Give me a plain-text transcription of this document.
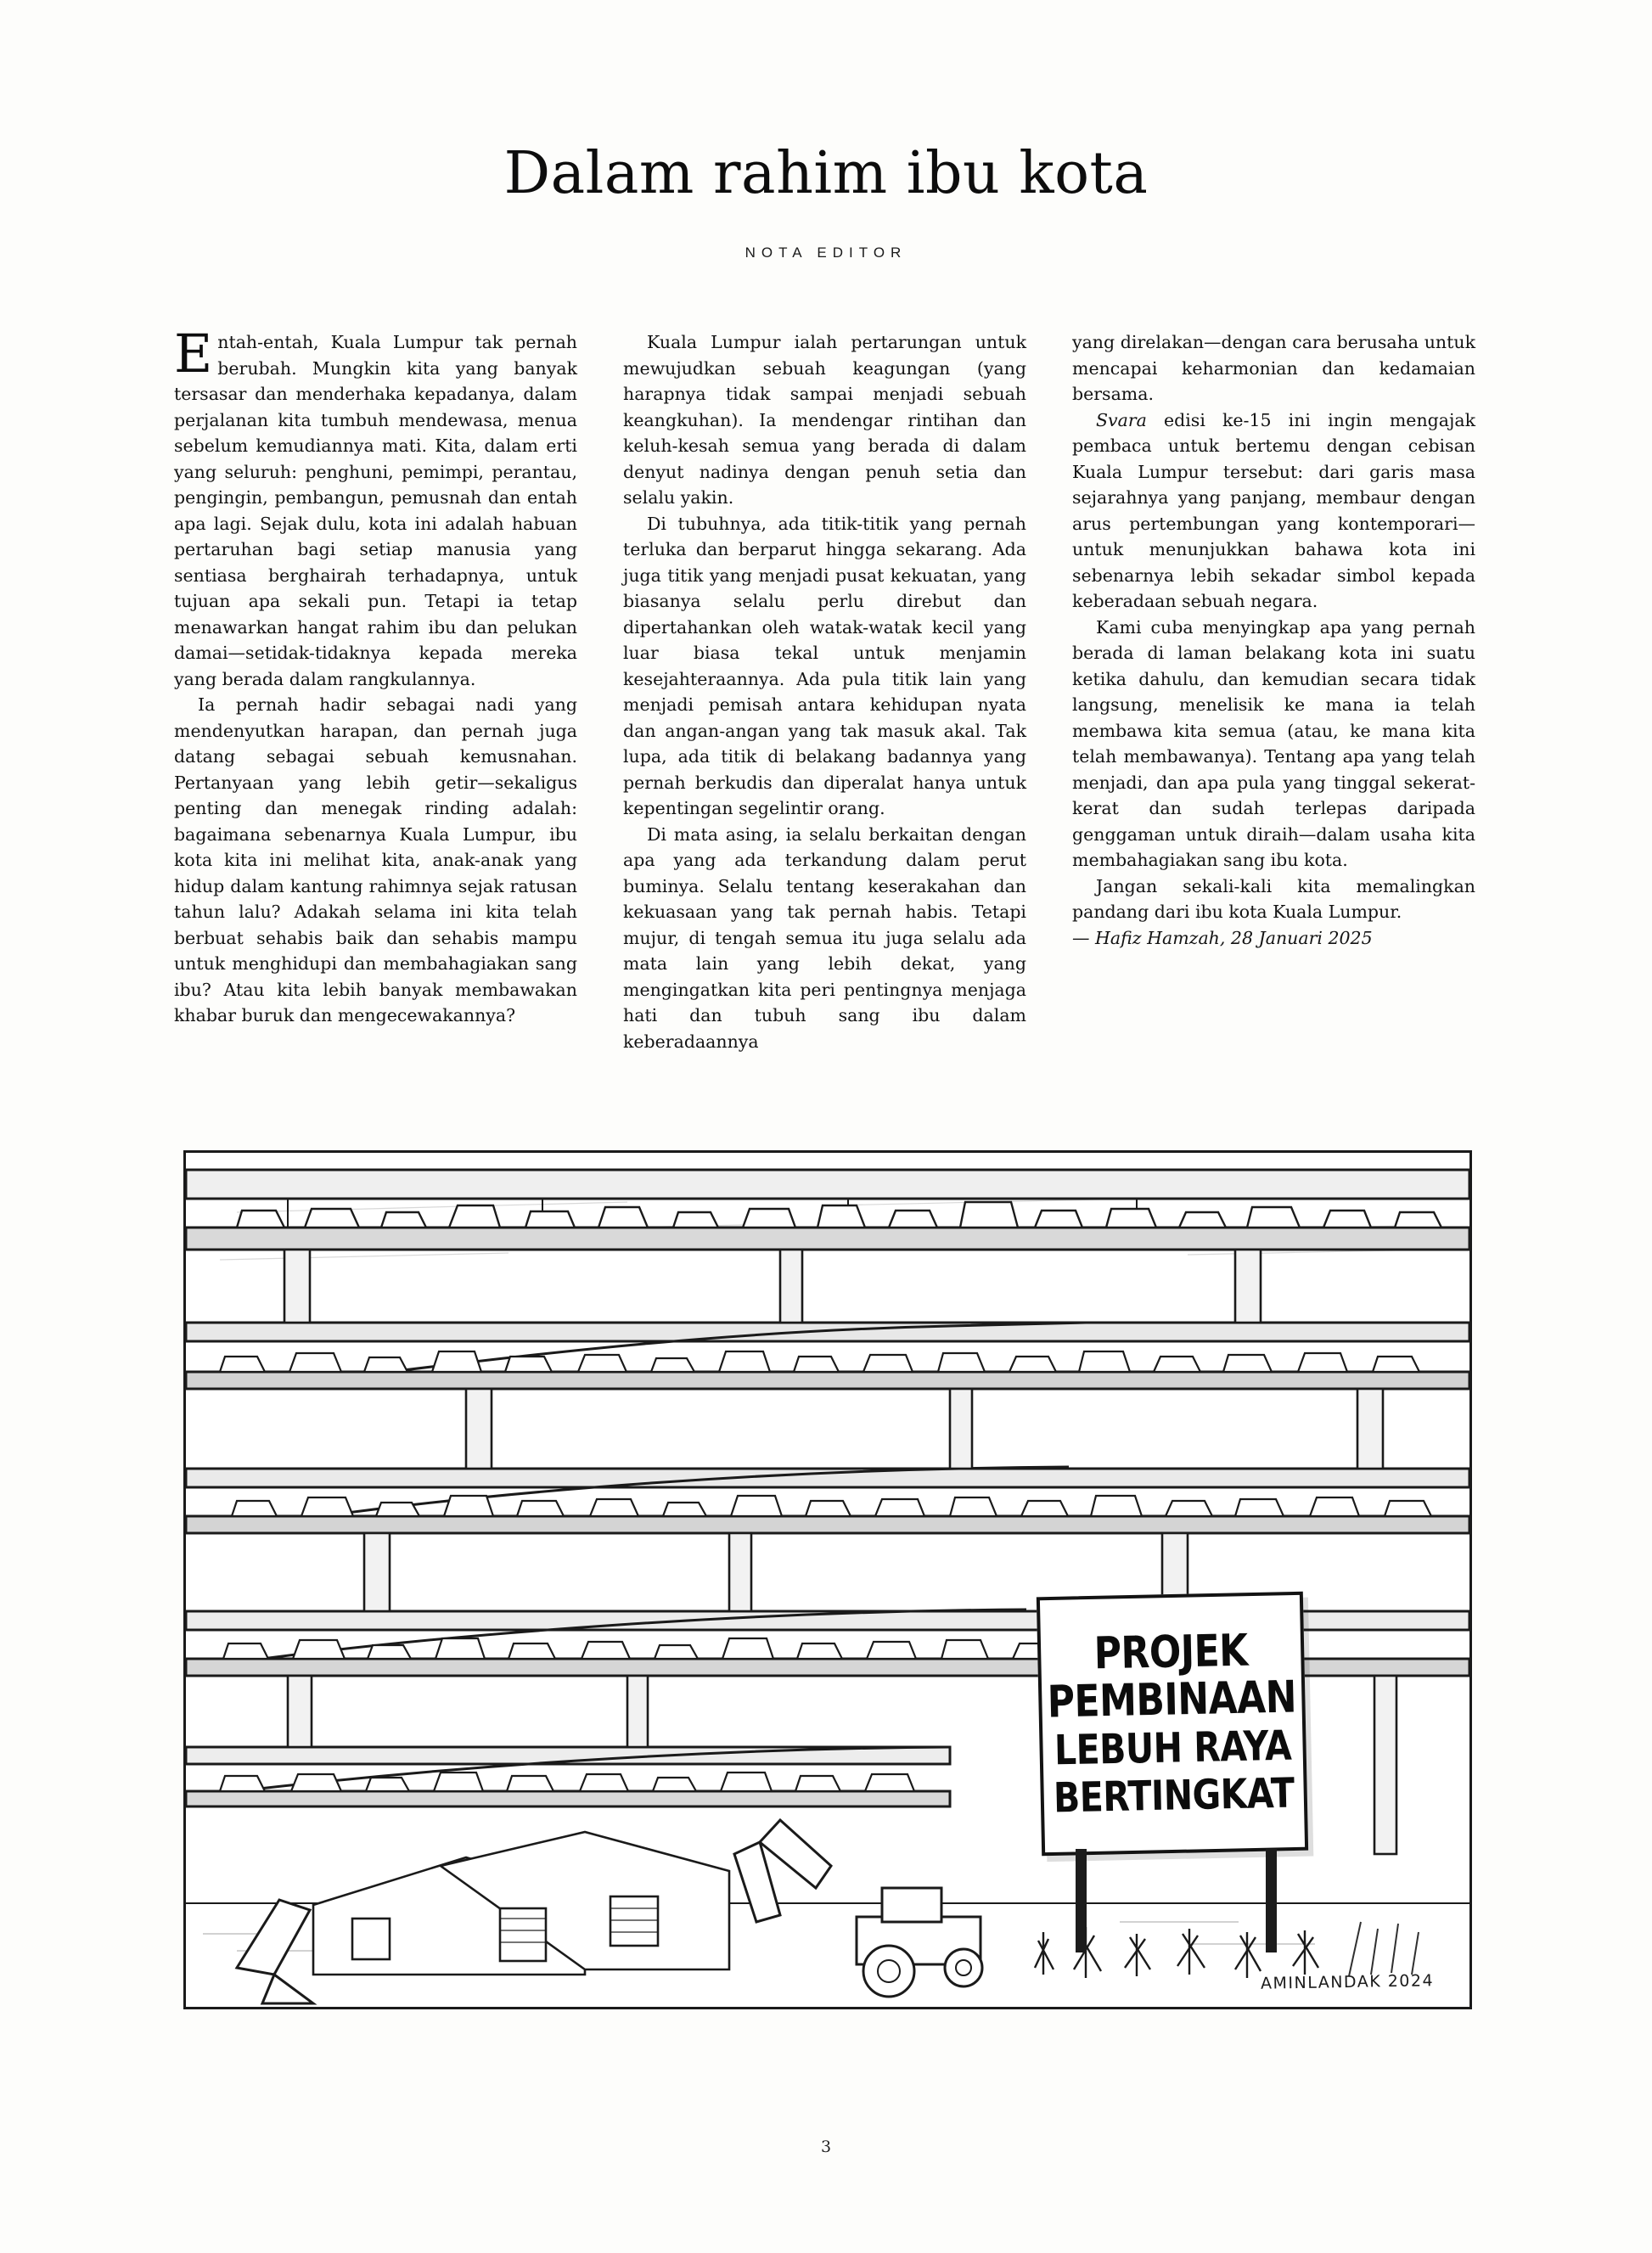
Dalam rahim ibu kota
NOTA EDITOR

Entah-entah, Kuala Lumpur tak pernah berubah. Mungkin kita yang banyak tersasar dan menderhaka kepadanya, dalam perjalanan kita tumbuh mendewasa, menua sebelum kemudiannya mati. Kita, dalam erti yang seluruh: penghuni, pemimpi, perantau, pengingin, pembangun, pemusnah dan entah apa lagi. Sejak dulu, kota ini adalah habuan pertaruhan bagi setiap manusia yang sentiasa berghairah terhadapnya, untuk tujuan apa sekali pun. Tetapi ia tetap menawarkan hangat rahim ibu dan pelukan damai—setidak-tidaknya kepada mereka yang berada dalam rangkulannya.

Ia pernah hadir sebagai nadi yang mendenyutkan harapan, dan pernah juga datang sebagai sebuah kemusnahan. Pertanyaan yang lebih getir—sekaligus penting dan menegak rinding adalah: bagaimana sebenarnya Kuala Lumpur, ibu kota kita ini melihat kita, anak-anak yang hidup dalam kantung rahimnya sejak ratusan tahun lalu? Adakah selama ini kita telah berbuat sehabis baik dan sehabis mampu untuk menghidupi dan membahagiakan sang ibu? Atau kita lebih banyak membawakan khabar buruk dan mengecewakannya?

Kuala Lumpur ialah pertarungan untuk mewujudkan sebuah keagungan (yang harapnya tidak sampai menjadi sebuah keangkuhan). Ia mendengar rintihan dan keluh-kesah semua yang berada di dalam denyut nadinya dengan penuh setia dan selalu yakin.

Di tubuhnya, ada titik-titik yang pernah terluka dan berparut hingga sekarang. Ada juga titik yang menjadi pusat kekuatan, yang biasanya selalu perlu direbut dan dipertahankan oleh watak-watak kecil yang luar biasa tekal untuk menjamin kesejahteraannya. Ada pula titik lain yang menjadi pemisah antara kehidupan nyata dan angan-angan yang tak masuk akal. Tak lupa, ada titik di belakang badannya yang pernah berkudis dan diperalat hanya untuk kepentingan segelintir orang.

Di mata asing, ia selalu berkaitan dengan apa yang ada terkandung dalam perut buminya. Selalu tentang keserakahan dan kekuasaan yang tak pernah habis. Tetapi mujur, di tengah semua itu juga selalu ada mata lain yang lebih dekat, yang mengingatkan kita peri pentingnya menjaga hati dan tubuh sang ibu dalam keberadaannya

yang direlakan—dengan cara berusaha untuk mencapai keharmonian dan kedamaian bersama.

Svara edisi ke-15 ini ingin mengajak pembaca untuk bertemu dengan cebisan Kuala Lumpur tersebut: dari garis masa sejarahnya yang panjang, membaur dengan arus pertembungan yang kontemporari—untuk menunjukkan bahawa kota ini sebenarnya lebih sekadar simbol kepada keberadaan sebuah negara.

Kami cuba menyingkap apa yang pernah berada di laman belakang kota ini suatu ketika dahulu, dan kemudian secara tidak langsung, menelisik ke mana ia telah membawa kita semua (atau, ke mana kita telah membawanya). Tentang apa yang telah menjadi, dan apa pula yang tinggal sekerat-kerat dan sudah terlepas daripada genggaman untuk diraih—dalam usaha kita membahagiakan sang ibu kota.

Jangan sekali-kali kita memalingkan pandang dari ibu kota Kuala Lumpur.

— Hafiz Hamzah, 28 Januari 2025

PROJEK
PEMBINAAN
LEBUH RAYA
BERTINGKAT
AMINLANDAK 2024
3
